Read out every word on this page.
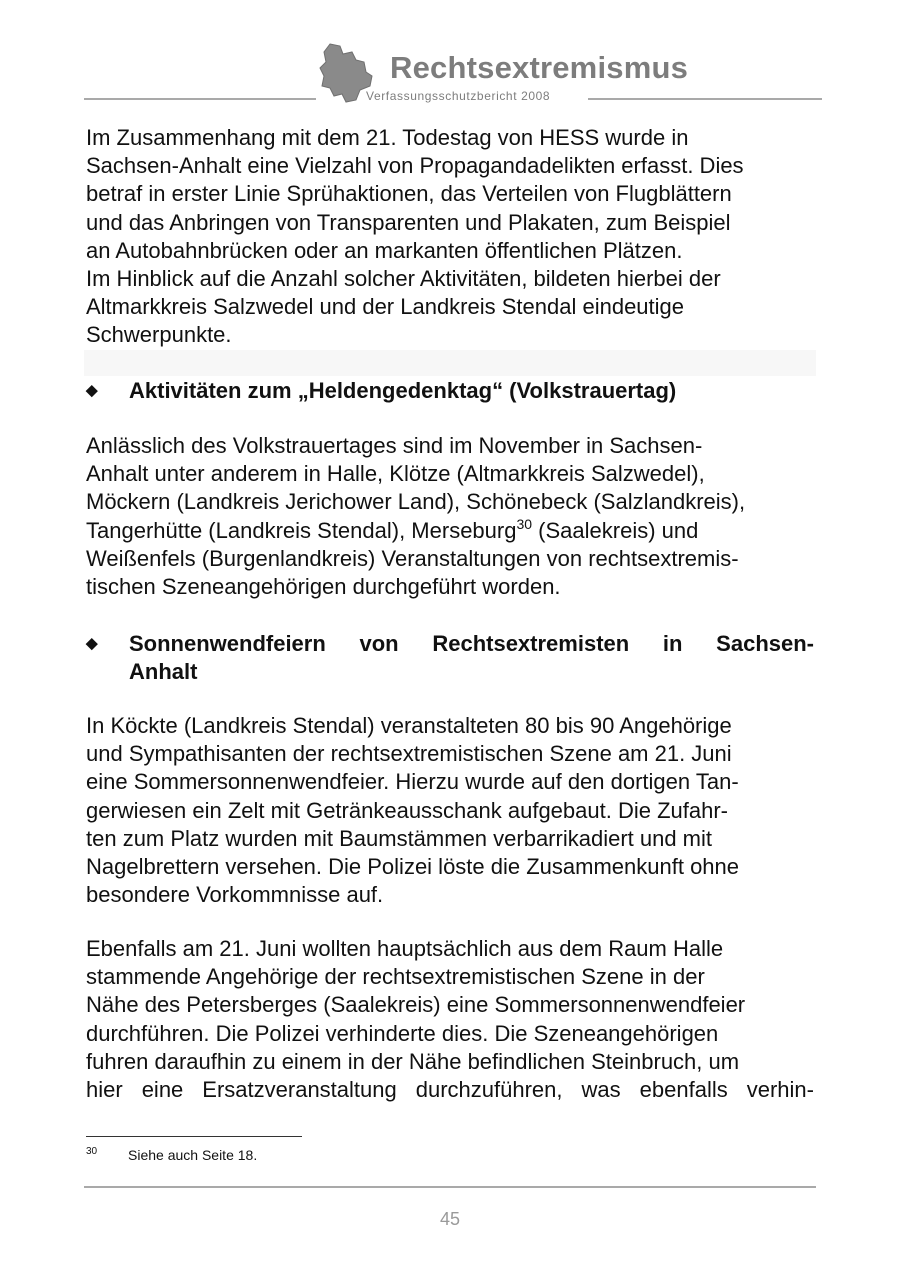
Rechtsextremismus
Verfassungsschutzbericht 2008
Im Zusammenhang mit dem 21. Todestag von HESS wurde in
Sachsen-Anhalt eine Vielzahl von Propagandadelikten erfasst. Dies
betraf in erster Linie Sprühaktionen, das Verteilen von Flugblättern
und das Anbringen von Transparenten und Plakaten, zum Beispiel
an Autobahnbrücken oder an markanten öffentlichen Plätzen.
Im Hinblick auf die Anzahl solcher Aktivitäten, bildeten hierbei der
Altmarkkreis Salzwedel und der Landkreis Stendal eindeutige
Schwerpunkte.
◆ Aktivitäten zum „Heldengedenktag“ (Volkstrauertag)
Anlässlich des Volkstrauertages sind im November in Sachsen-
Anhalt unter anderem in Halle, Klötze (Altmarkkreis Salzwedel),
Möckern (Landkreis Jerichower Land), Schönebeck (Salzlandkreis),
Tangerhütte (Landkreis Stendal), Merseburg$^{30}$ (Saalekreis) und
Weißenfels (Burgenlandkreis) Veranstaltungen von rechtsextremis-
tischen Szeneangehörigen durchgeführt worden.
◆ Sonnenwendfeiern von Rechtsextremisten in Sachsen-
Anhalt
In Köckte (Landkreis Stendal) veranstalteten 80 bis 90 Angehörige
und Sympathisanten der rechtsextremistischen Szene am 21. Juni
eine Sommersonnenwendfeier. Hierzu wurde auf den dortigen Tan-
gerwiesen ein Zelt mit Getränkeausschank aufgebaut. Die Zufahr-
ten zum Platz wurden mit Baumstämmen verbarrikadiert und mit
Nagelbrettern versehen. Die Polizei löste die Zusammenkunft ohne
besondere Vorkommnisse auf.
Ebenfalls am 21. Juni wollten hauptsächlich aus dem Raum Halle
stammende Angehörige der rechtsextremistischen Szene in der
Nähe des Petersberges (Saalekreis) eine Sommersonnenwendfeier
durchführen. Die Polizei verhinderte dies. Die Szeneangehörigen
fuhren daraufhin zu einem in der Nähe befindlichen Steinbruch, um
hier eine Ersatzveranstaltung durchzuführen, was ebenfalls verhin-
30 Siehe auch Seite 18.
45
